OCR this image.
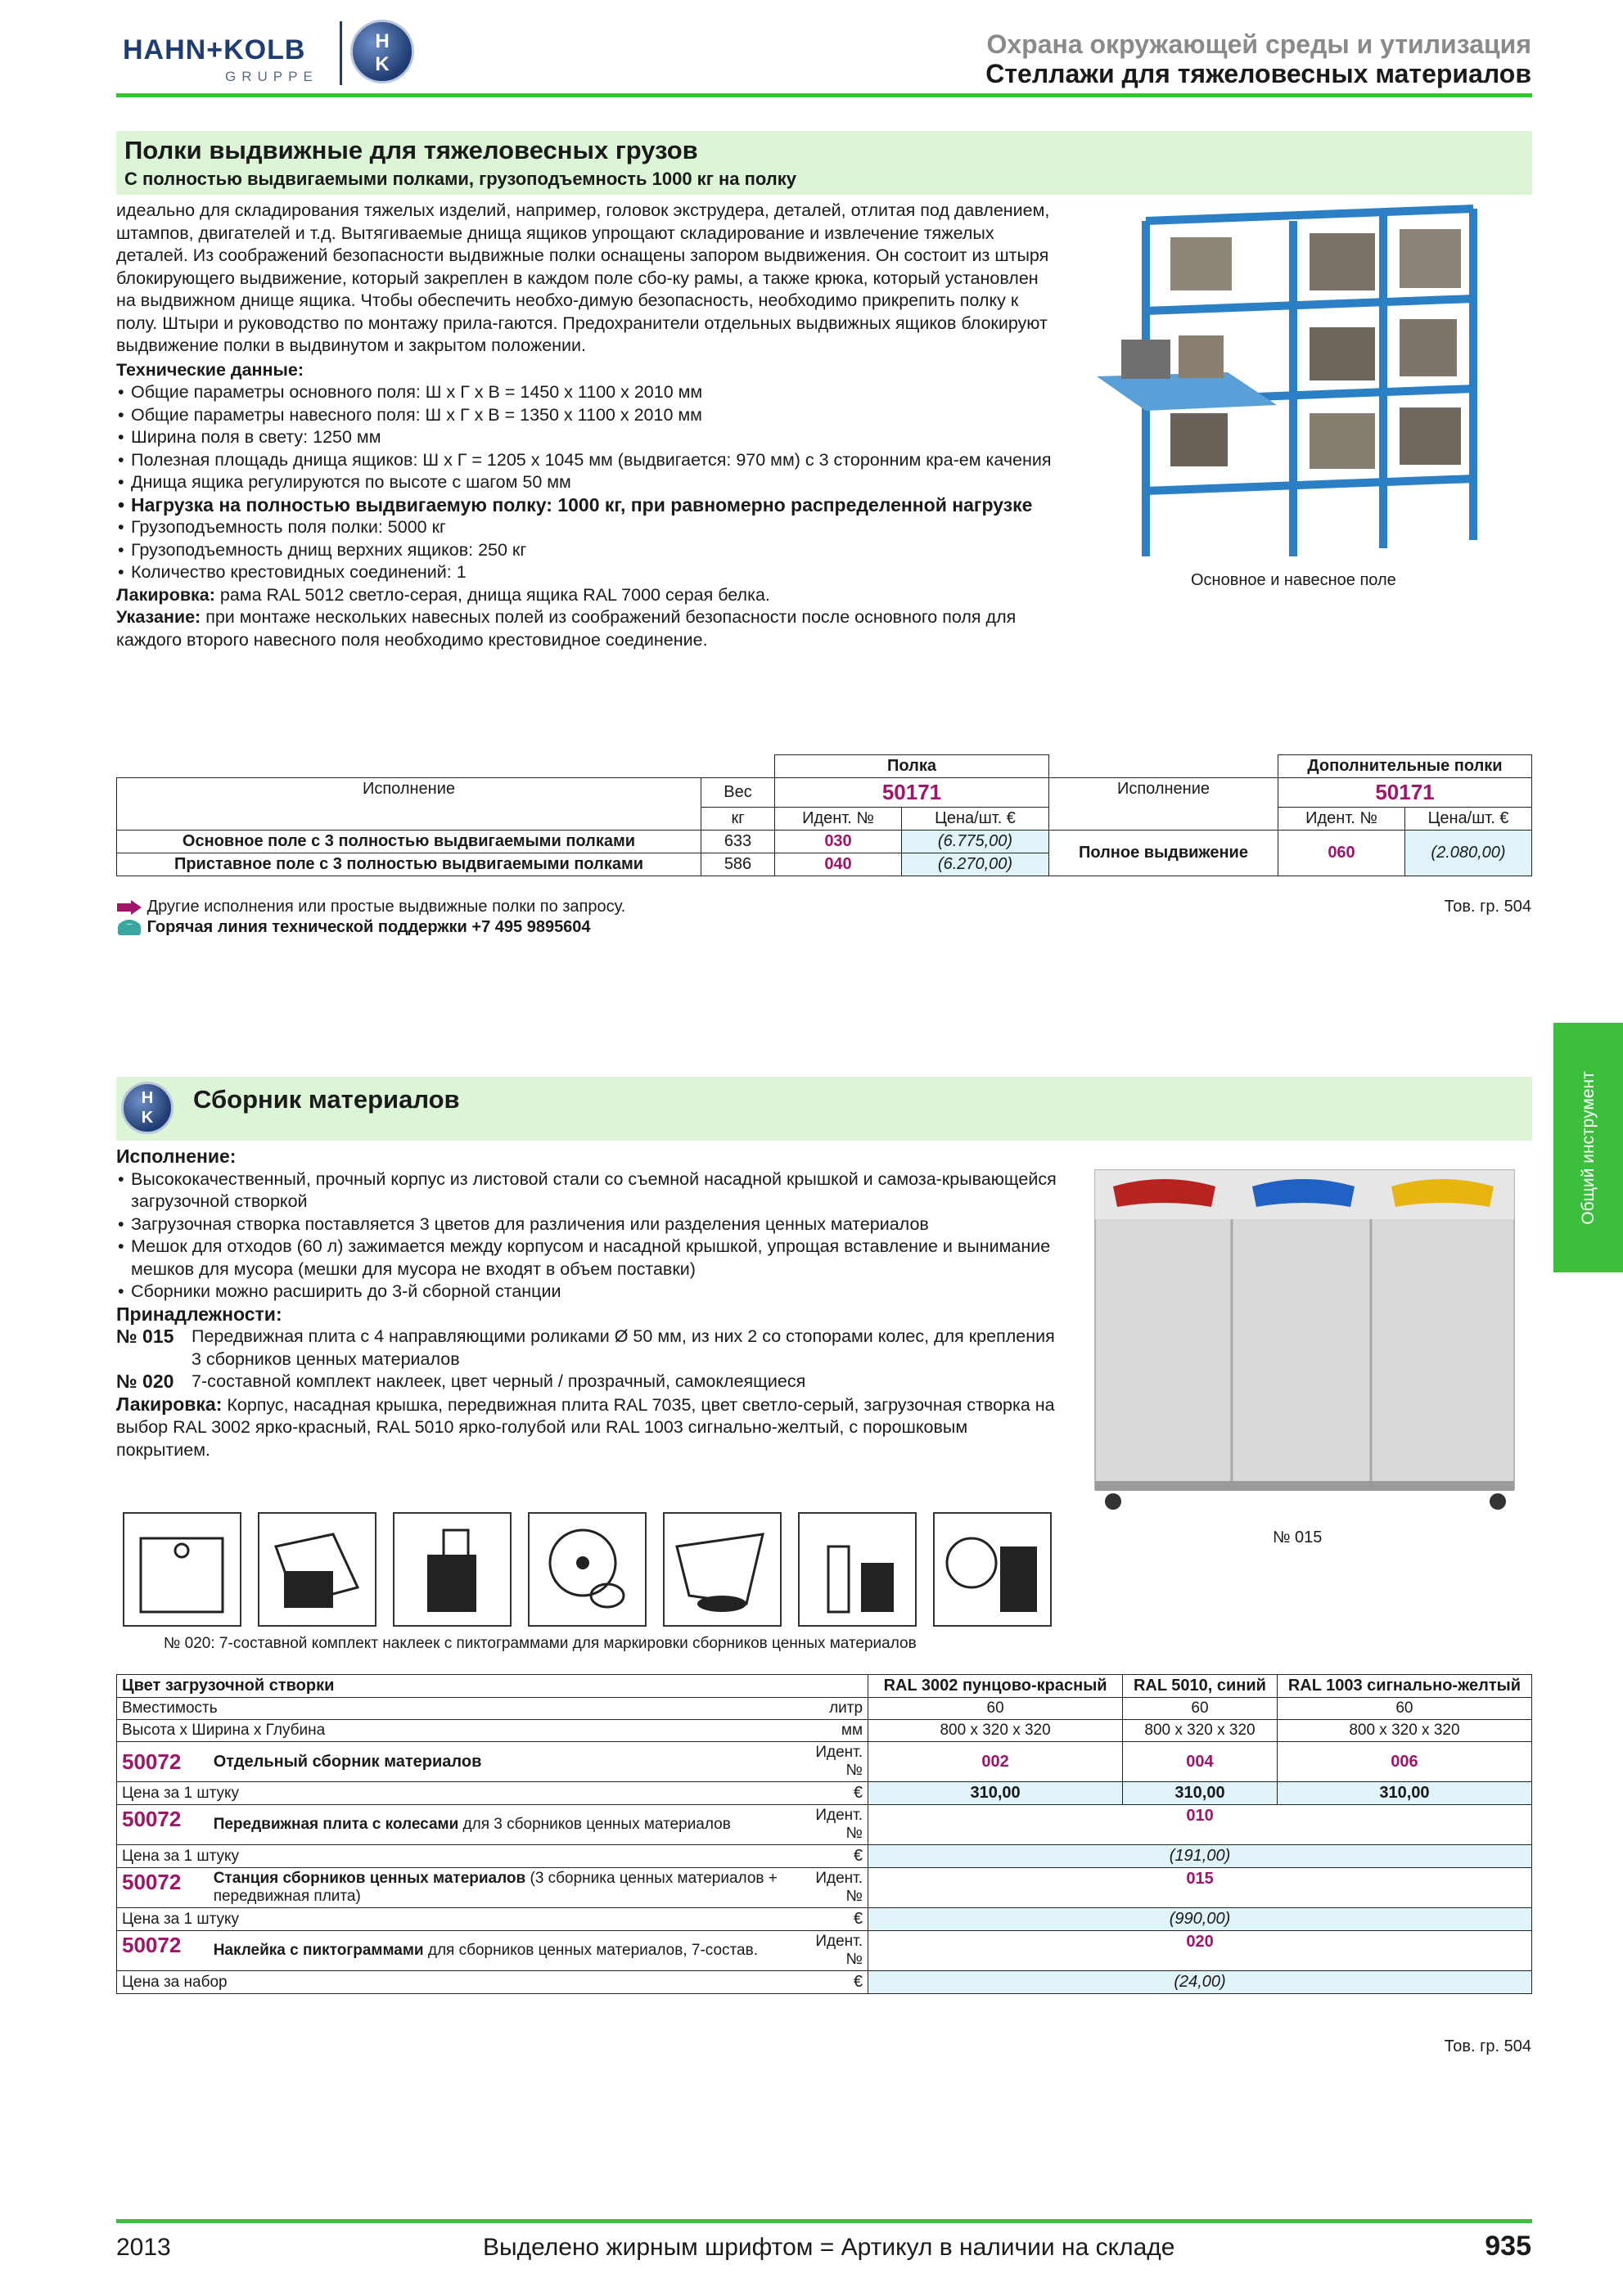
HAHN+KOLB
GRUPPE
H
K
Охрана окружающей среды и утилизация
Стеллажи для тяжеловесных материалов
Полки выдвижные для тяжеловесных грузов
С полностью выдвигаемыми полками, грузоподъемность 1000 кг на полку

идеально для складирования тяжелых изделий, например, головок экструдера, деталей, отлитая под давлением, штампов, двигателей и т.д. Вытягиваемые днища ящиков упрощают складирование и извлечение тяжелых деталей. Из соображений безопасности выдвижные полки оснащены запором выдвижения. Он состоит из штыря блокирующего выдвижение, который закреплен в каждом поле сбо-ку рамы, а также крюка, который установлен на выдвижном днище ящика. Чтобы обеспечить необхо-димую безопасность, необходимо прикрепить полку к полу. Штыри и руководство по монтажу прила-гаются. Предохранители отдельных выдвижных ящиков блокируют выдвижение полки в выдвинутом и закрытом положении.

Технические данные:

• Общие параметры основного поля: Ш x Г x В = 1450 x 1100 x 2010 мм
• Общие параметры навесного поля: Ш x Г x В = 1350 x 1100 x 2010 мм
• Ширина поля в свету: 1250 мм
• Полезная площадь днища ящиков: Ш x Г = 1205 x 1045 мм (выдвигается: 970 мм) с 3 сторонним кра-ем качения
• Днища ящика регулируются по высоте с шагом 50 мм
• Нагрузка на полностью выдвигаемую полку: 1000 кг, при равномерно распределенной нагрузке
• Грузоподъемность поля полки: 5000 кг
• Грузоподъемность днищ верхних ящиков: 250 кг
• Количество крестовидных соединений: 1

Лакировка: рама RAL 5012 светло-серая, днища ящика RAL 7000 серая белка.

Указание: при монтаже нескольких навесных полей из соображений безопасности после основного поля для каждого второго навесного поля необходимо крестовидное соединение.

Основное и навесное поле
		Полка			Дополнительные полки	
Исполнение	Вес	50171		Исполнение	50171	
	кг	Идент. №	Цена/шт. €		Идент. №	Цена/шт. €
Основное поле с 3 полностью выдвигаемыми полками	633	030	(6.775,00)	Полное выдвижение	060	(2.080,00)
Приставное поле с 3 полностью выдвигаемыми полками	586	040	(6.270,00)			
Другие исполнения или простые выдвижные полки по запросу.
Горячая линия технической поддержки +7 495 9895604
Тов. гр. 504
Общий инструмент
H
K
Сборник материалов

Исполнение:

• Высококачественный, прочный корпус из листовой стали со съемной насадной крышкой и самоза-крывающейся загрузочной створкой
• Загрузочная створка поставляется 3 цветов для различения или разделения ценных материалов
• Мешок для отходов (60 л) зажимается между корпусом и насадной крышкой, упрощая вставление и вынимание мешков для мусора (мешки для мусора не входят в объем поставки)
• Сборники можно расширить до 3-й сборной станции

Принадлежности:

№ 015	Передвижная плита с 4 направляющими роликами Ø 50 мм, из них 2 со стопорами колес, для крепления 3 сборников ценных материалов
№ 020	7-составной комплект наклеек, цвет черный / прозрачный, самоклеящиеся

Лакировка: Корпус, насадная крышка, передвижная плита RAL 7035, цвет светло-серый, загрузочная створка на выбор RAL 3002 ярко-красный, RAL 5010 ярко-голубой или RAL 1003 сигнально-желтый, с порошковым покрытием.

№ 015
№ 020: 7-составной комплект наклеек с пиктограммами для маркировки сборников ценных материалов
Цвет загрузочной створки			RAL 3002 пунцово-красный	RAL 5010, синий	RAL 1003 сигнально-желтый
Вместимость		литр	60	60	60
Высота x Ширина x Глубина		мм	800 x 320 x 320	800 x 320 x 320	800 x 320 x 320
50072	Отдельный сборник материалов	Идент. №	002	004	006
Цена за 1 штуку		€	310,00	310,00	310,00
50072	Передвижная плита с колесами для 3 сборников ценных материалов	Идент. №	010		
Цена за 1 штуку		€	(191,00)		
50072	Станция сборников ценных материалов (3 сборника ценных материалов + передвижная плита)	Идент. №	015		
Цена за 1 штуку		€	(990,00)		
50072	Наклейка с пиктограммами для сборников ценных материалов, 7-состав.	Идент. №	020		
Цена за набор		€	(24,00)		
Тов. гр. 504
2013	Выделено жирным шрифтом = Артикул в наличии на складе	935
